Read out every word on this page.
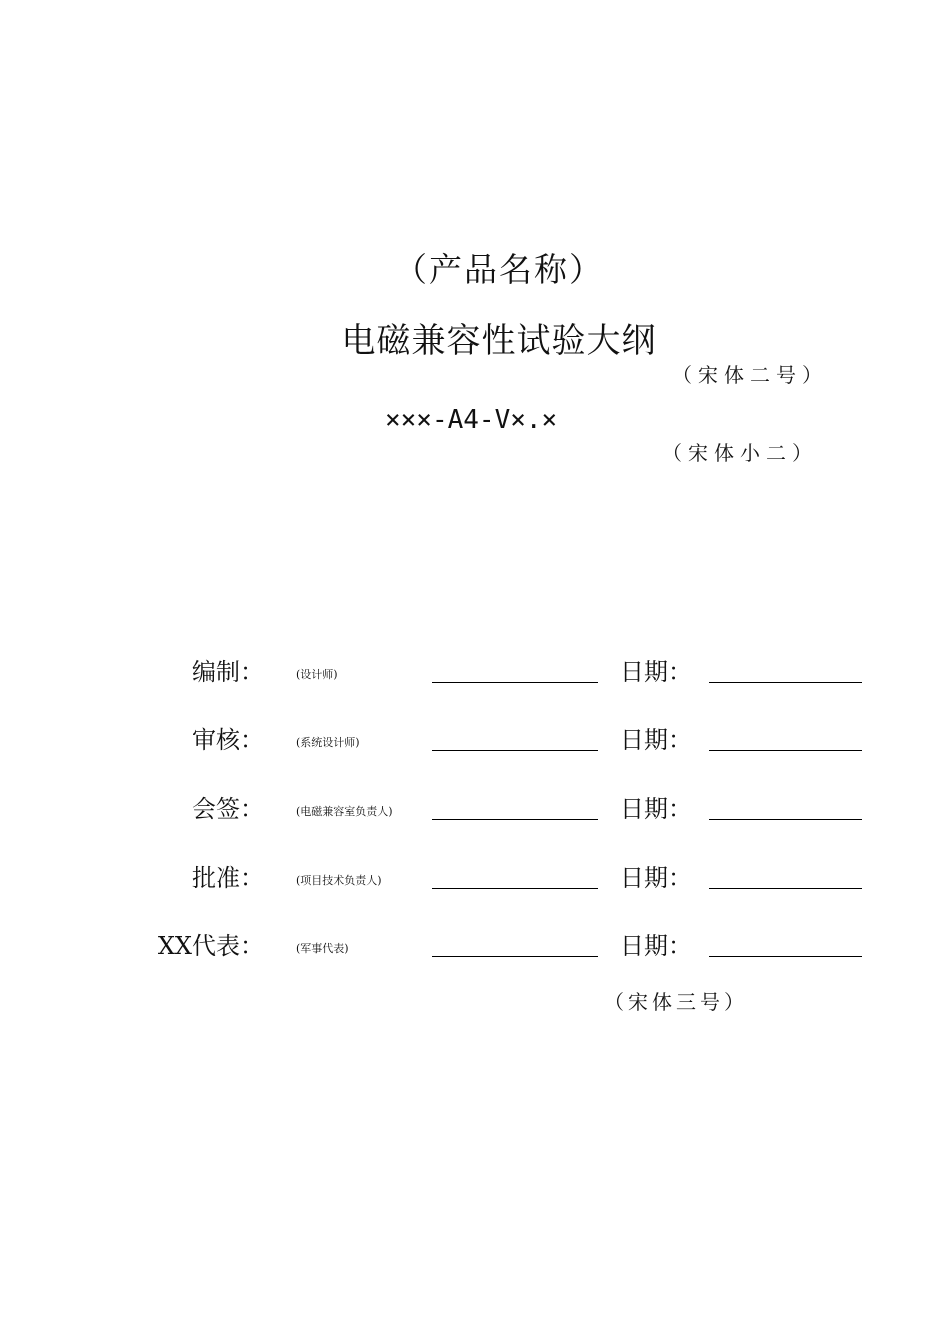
（产品名称）
电磁兼容性试验大纲
（宋体二号）
×××-A4-V×.×
（宋体小二）
编制：	(设计师)	日期：
审核：	(系统设计师)	日期：
会签：	(电磁兼容室负责人)	日期：
批准：	(项目技术负责人)	日期：
XX代表：	(军事代表)	日期：
（宋体三号）
